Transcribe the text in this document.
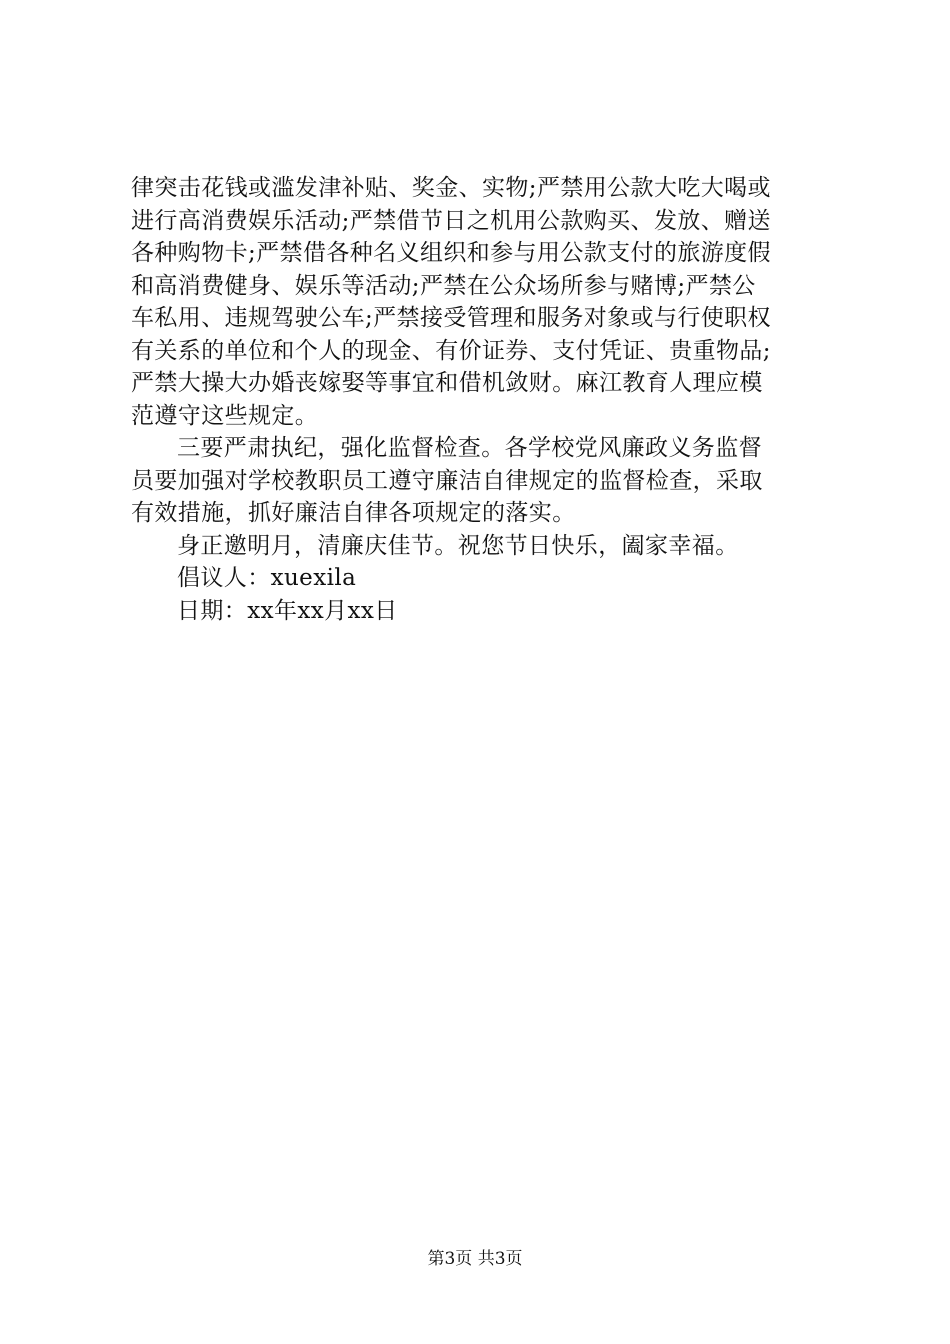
律突击花钱或滥发津补贴、奖金、实物;严禁用公款大吃大喝或
进行高消费娱乐活动;严禁借节日之机用公款购买、发放、赠送
各种购物卡;严禁借各种名义组织和参与用公款支付的旅游度假
和高消费健身、娱乐等活动;严禁在公众场所参与赌博;严禁公
车私用、违规驾驶公车;严禁接受管理和服务对象或与行使职权
有关系的单位和个人的现金、有价证券、支付凭证、贵重物品;
严禁大操大办婚丧嫁娶等事宜和借机敛财。麻江教育人理应模
范遵守这些规定。
三要严肃执纪，强化监督检查。各学校党风廉政义务监督
员要加强对学校教职员工遵守廉洁自律规定的监督检查，采取
有效措施，抓好廉洁自律各项规定的落实。
身正邀明月，清廉庆佳节。祝您节日快乐，阖家幸福。
倡议人：xuexila
日期：xx年xx月xx日
第3页 共3页
